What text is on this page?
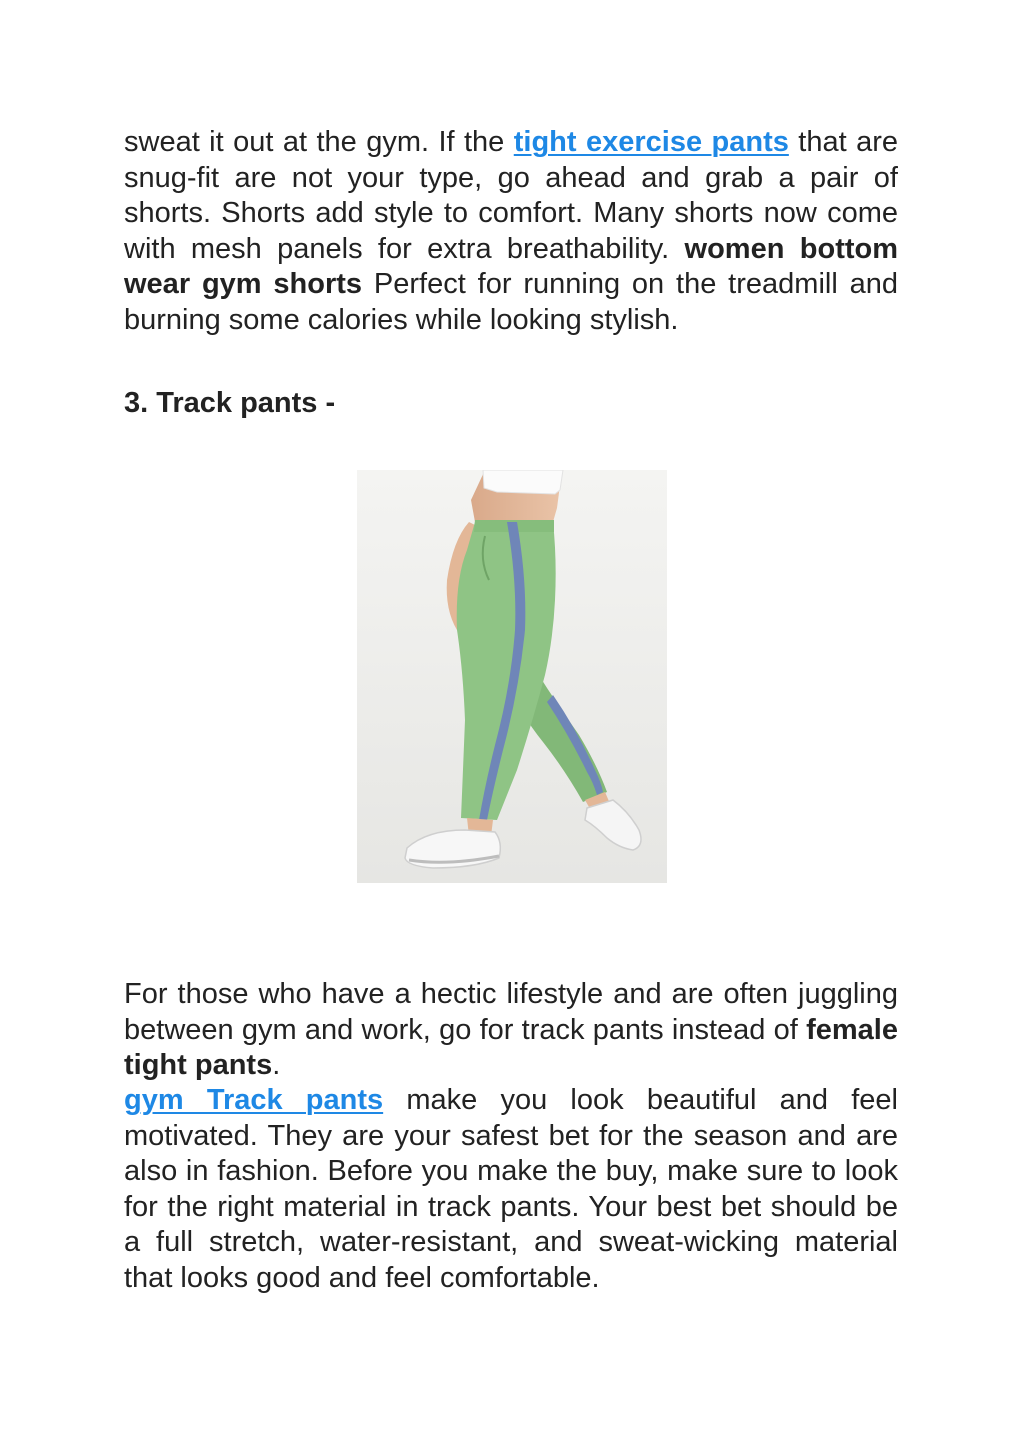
sweat it out at the gym. If the tight exercise pants that are snug-fit are not your type, go ahead and grab a pair of shorts. Shorts add style to comfort. Many shorts now come with mesh panels for extra breathability. women bottom wear gym shorts Perfect for running on the treadmill and burning some calories while looking stylish.

3. Track pants -

For those who have a hectic lifestyle and are often juggling between gym and work, go for track pants instead of female tight pants.

gym Track pants make you look beautiful and feel motivated. They are your safest bet for the season and are also in fashion. Before you make the buy, make sure to look for the right material in track pants. Your best bet should be a full stretch, water-resistant, and sweat-wicking material that looks good and feel comfortable.
